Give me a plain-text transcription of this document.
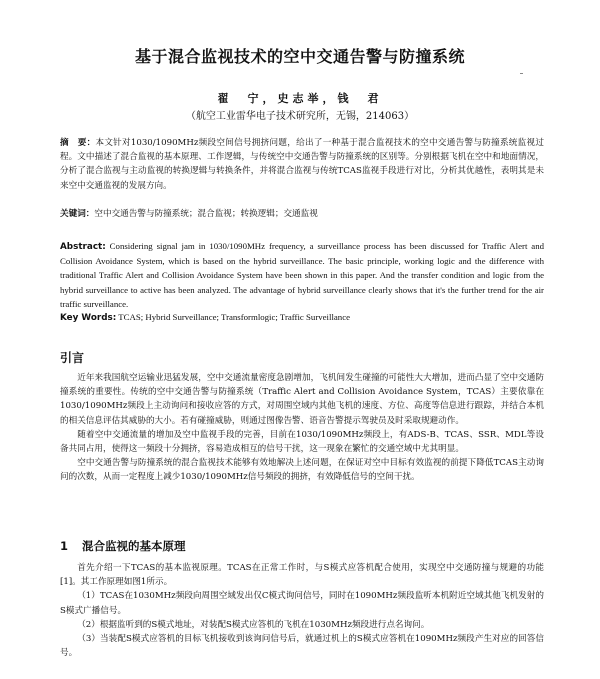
基于混合监视技术的空中交通告警与防撞系统
翟　宁，史志举，钱　君
（航空工业雷华电子技术研究所，无锡，214063）
摘　要：本文针对1030/1090MHz频段空间信号拥挤问题，给出了一种基于混合监视技术的空中交通告警与防撞系统监视过程。文中描述了混合监视的基本原理、工作逻辑，与传统空中交通告警与防撞系统的区别等。分别根据飞机在空中和地面情况，分析了混合监视与主动监视的转换逻辑与转换条件，并将混合监视与传统TCAS监视手段进行对比，分析其优越性，表明其是未来空中交通监视的发展方向。
关键词：空中交通告警与防撞系统；混合监视；转换逻辑；交通监视
Abstract: Considering signal jam in 1030/1090MHz frequency, a surveillance process has been discussed for Traffic Alert and Collision Avoidance System, which is based on the hybrid surveillance. The basic principle, working logic and the difference with traditional Traffic Alert and Collision Avoidance System have been shown in this paper. And the transfer condition and logic from the hybrid surveillance to active has been analyzed. The advantage of hybrid surveillance clearly shows that it's the further trend for the air traffic surveillance.
Key Words: TCAS; Hybrid Surveillance; Transformlogic; Traffic Surveillance
引言

近年来我国航空运输业迅猛发展，空中交通流量密度急剧增加，飞机间发生碰撞的可能性大大增加，进而凸显了空中交通防撞系统的重要性。传统的空中交通告警与防撞系统（Traffic Alert and Collision Avoidance System，TCAS）主要依靠在1030/1090MHz频段上主动询问和接收应答的方式，对周围空域内其他飞机的速度、方位、高度等信息进行跟踪，并结合本机的相关信息评估其威胁的大小。若有碰撞威胁，则通过图像告警、语音告警提示驾驶员及时采取规避动作。

随着空中交通流量的增加及空中监视手段的完善，目前在1030/1090MHz频段上，有ADS-B、TCAS、SSR、MDL等设备共同占用，使得这一频段十分拥挤，容易造成相互的信号干扰，这一现象在繁忙的交通空域中尤其明显。

空中交通告警与防撞系统的混合监视技术能够有效地解决上述问题，在保证对空中目标有效监视的前提下降低TCAS主动询问的次数，从而一定程度上减少1030/1090MHz信号频段的拥挤，有效降低信号的空间干扰。

1 混合监视的基本原理

首先介绍一下TCAS的基本监视原理。TCAS在正常工作时，与S模式应答机配合使用，实现空中交通防撞与规避的功能[1]。其工作原理如图1所示。

（1）TCAS在1030MHz频段向周围空域发出仅C模式询问信号，同时在1090MHz频段监听本机附近空域其他飞机发射的S模式广播信号。

（2）根据监听到的S模式地址，对装配S模式应答机的飞机在1030MHz频段进行点名询问。

（3）当装配S模式应答机的目标飞机接收到该询问信号后，就通过机上的S模式应答机在1090MHz频段产生对应的回答信号。
